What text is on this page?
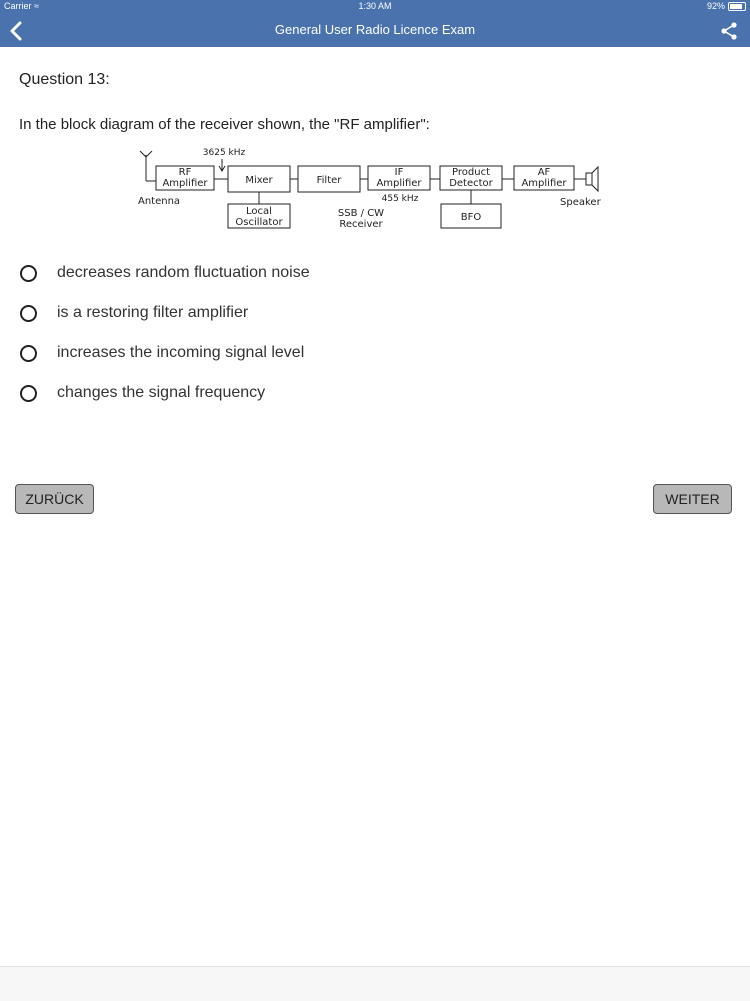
Carrier ≈	1:30 AM	92%
General User Radio Licence Exam
Question 13:
In the block diagram of the receiver shown, the "RF amplifier":
RF
Amplifier	Mixer	Filter
IF
Amplifier
Product
Detector
AF
Amplifier
3625 kHz
Local
Oscillator	BFO
Antenna	Speaker
455 kHz
SSB / CW
Receiver
decreases random fluctuation noise
is a restoring filter amplifier
increases the incoming signal level
changes the signal frequency
ZURÜCK	WEITER
